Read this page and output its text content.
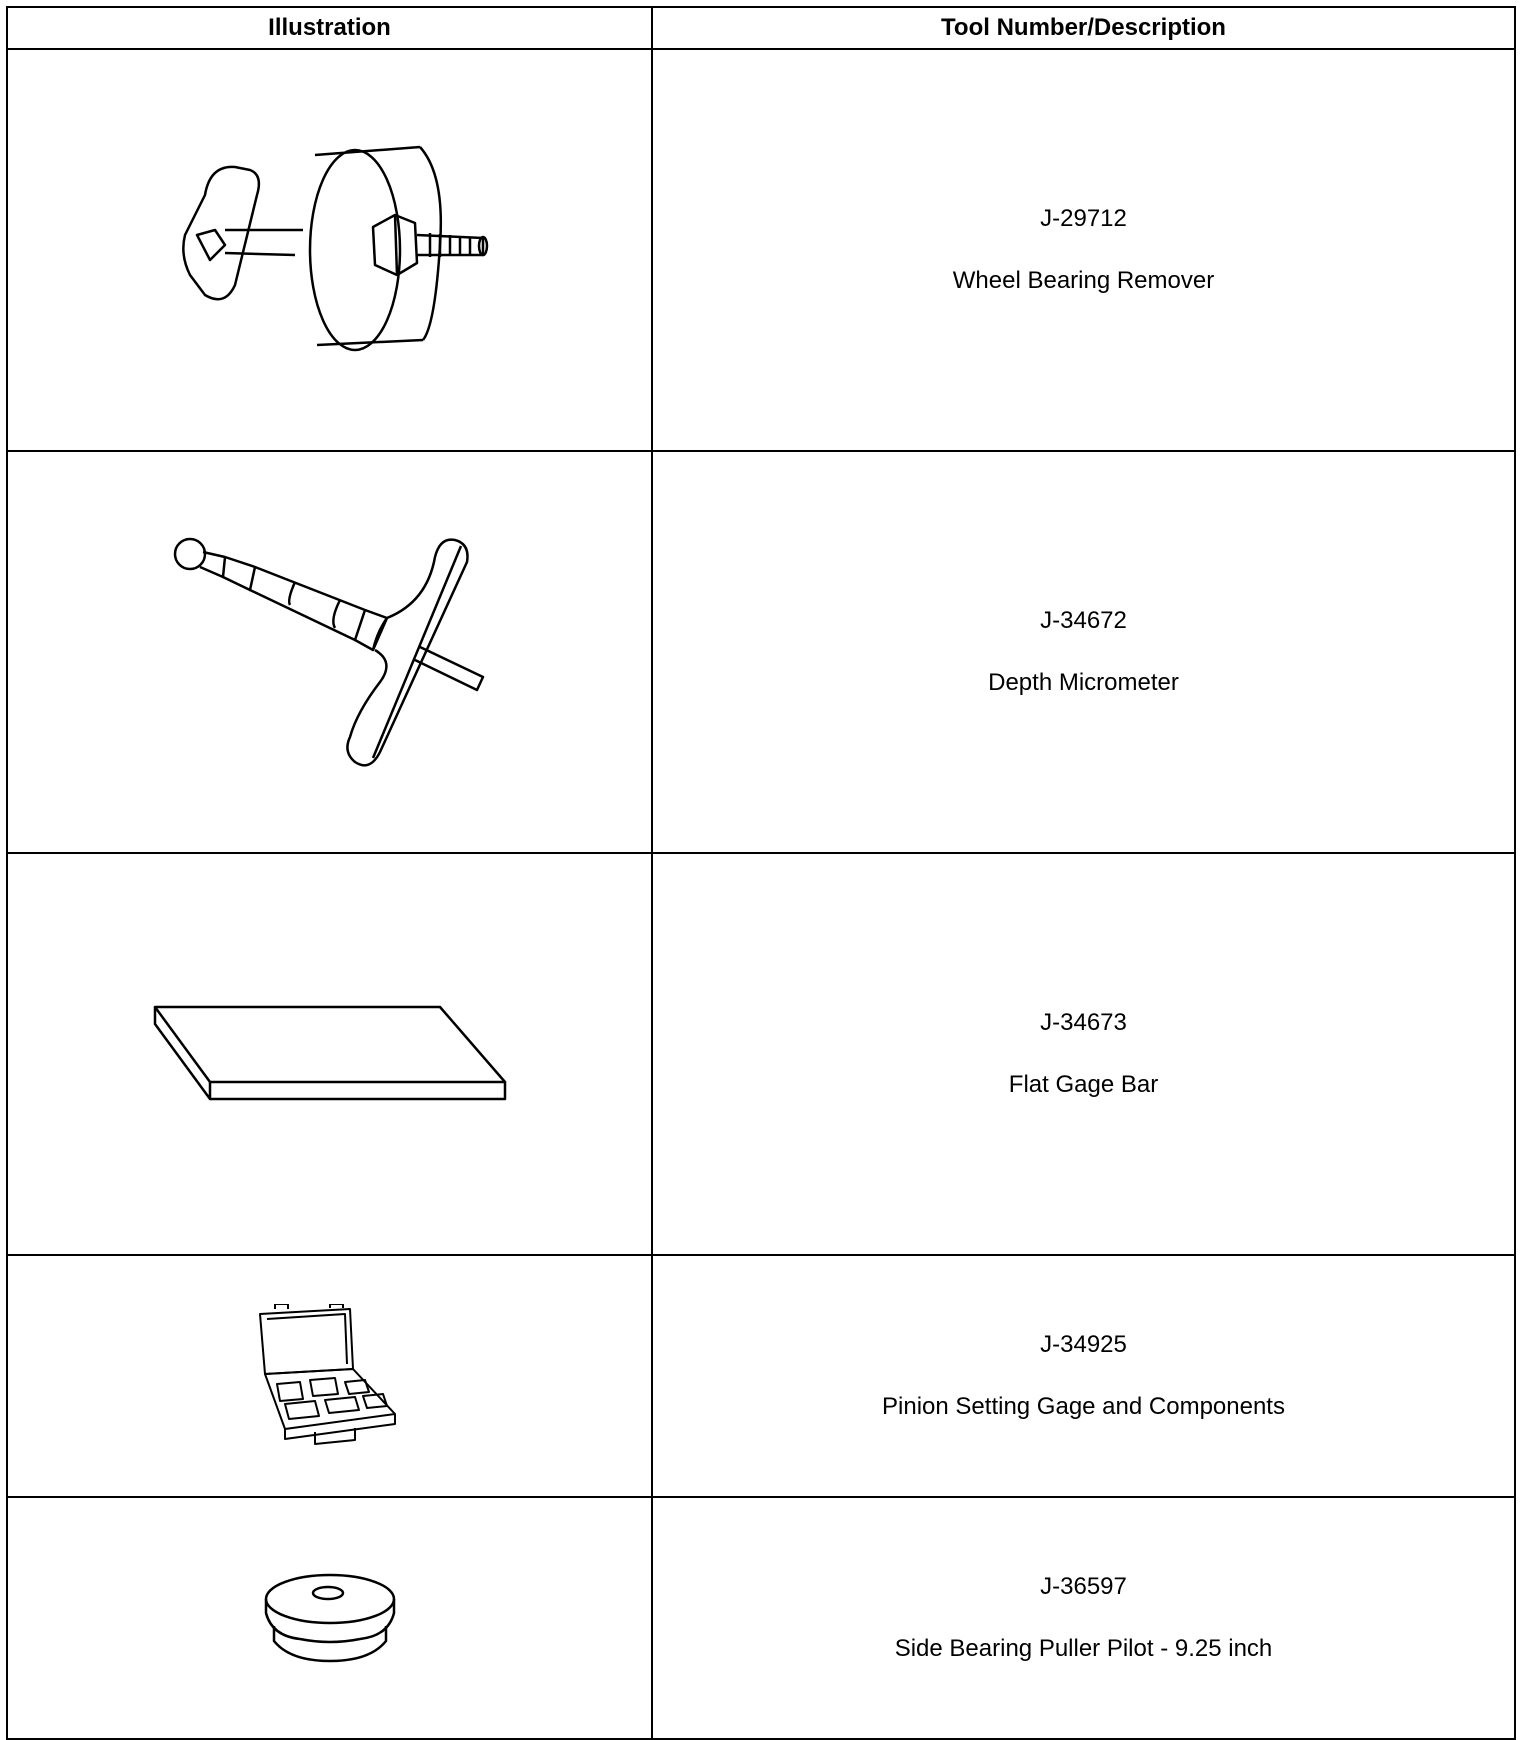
Illustration	Tool Number/Description

J-29712
Wheel Bearing Remover

J-34672
Depth Micrometer

J-34673
Flat Gage Bar

J-34925
Pinion Setting Gage and Components

J-36597
Side Bearing Puller Pilot - 9.25 inch
